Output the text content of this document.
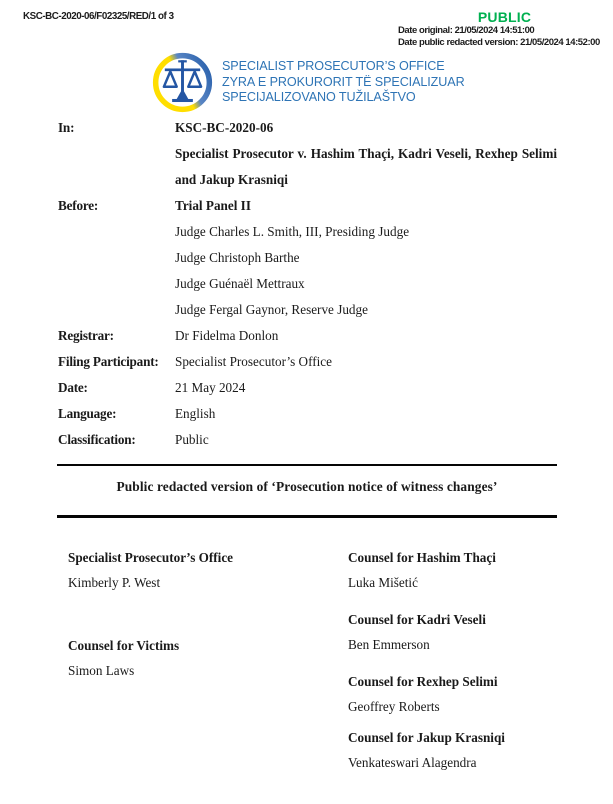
KSC-BC-2020-06/F02325/RED/1 of 3	PUBLIC
Date original: 21/05/2024 14:51:00
Date public redacted version: 21/05/2024 14:52:00
SPECIALIST PROSECUTOR’S OFFICE
ZYRA E PROKURORIT TË SPECIALIZUAR
SPECIJALIZOVANO TUŽILAŠTVO
In:	KSC-BC-2020-06
Specialist Prosecutor v. Hashim Thaçi, Kadri Veseli, Rexhep Selimi and Jakup Krasniqi
Before:	Trial Panel II
Judge Charles L. Smith, III, Presiding Judge
Judge Christoph Barthe
Judge Guénaël Mettraux
Judge Fergal Gaynor, Reserve Judge
Registrar:	Dr Fidelma Donlon
Filing Participant:	Specialist Prosecutor’s Office
Date:	21 May 2024
Language:	English
Classification:	Public
Public redacted version of ‘Prosecution notice of witness changes’
Specialist Prosecutor’s Office
Kimberly P. West
Counsel for Victims
Simon Laws
Counsel for Hashim Thaçi
Luka Mišetić
Counsel for Kadri Veseli
Ben Emmerson
Counsel for Rexhep Selimi
Geoffrey Roberts
Counsel for Jakup Krasniqi
Venkateswari Alagendra
